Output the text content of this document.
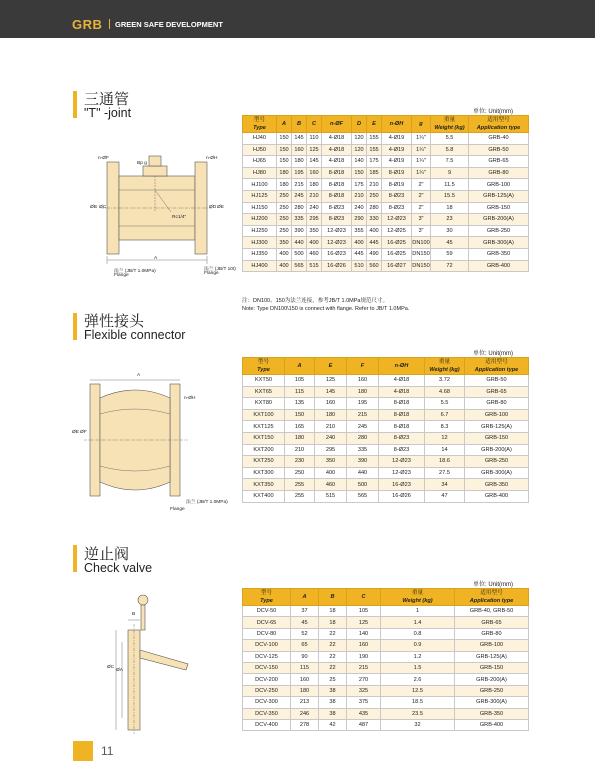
GRB GREEN SAFE DEVELOPMENT
三通管
"T" -joint
n-ØF	n-ØH
Bp g
Rc1/4"
ØB ØC	ØD ØE
A
法兰 (JB/T 1.0MPa)
Flange
法兰 (JB/T 10t)
Flange
单位: Unit(mm)
型号
Type	A	B	C	n-ØF	D	E	n-ØH	g	重量
Weight (kg)	适用型号
Application type

HJ40	150	145	110	4-Ø18	120	155	4-Ø19	1¼"	5.5	GRB-40
HJ50	150	160	125	4-Ø18	120	155	4-Ø19	1¼"	5.8	GRB-50
HJ65	150	180	145	4-Ø18	140	175	4-Ø19	1¼"	7.5	GRB-65
HJ80	180	195	160	8-Ø18	150	185	8-Ø19	1¼"	9	GRB-80
HJ100	180	215	180	8-Ø18	175	210	8-Ø19	2"	11.5	GRB-100
HJ125	250	245	210	8-Ø18	210	250	8-Ø23	2"	15.5	GRB-125(A)
HJ150	250	280	240	8-Ø23	240	280	8-Ø23	2"	18	GRB-150
HJ200	250	335	295	8-Ø23	290	330	12-Ø23	3"	23	GRB-200(A)
HJ250	250	390	350	12-Ø23	355	400	12-Ø25	3"	30	GRB-250
HJ300	350	440	400	12-Ø23	400	445	16-Ø25	DN100	45	GRB-300(A)
HJ350	400	500	460	16-Ø23	445	490	16-Ø25	DN150	59	GRB-350
HJ400	400	565	515	16-Ø26	510	560	16-Ø27	DN150	72	GRB-400
注：DN100、150为法兰连接，参考JB/T 1.0MPa规范尺寸。
Note: Type DN100\150 is connect with flange. Refer to JB/T 1.0MPa.
弹性接头
Flexible connector
A
n-ØH
ØE ØF
法兰 (JB/T 1.0MPa)
Flange
单位: Unit(mm)
型号
Type	A	E	F	n-ØH	重量
Weight (kg)	适用型号
Application type

KXT50	105	125	160	4-Ø18	3.72	GRB-50
KXT65	115	145	180	4-Ø18	4.68	GRB-65
KXT80	135	160	195	8-Ø18	5.5	GRB-80
KXT100	150	180	215	8-Ø18	6.7	GRB-100
KXT125	165	210	245	8-Ø18	8.3	GRB-125(A)
KXT150	180	240	280	8-Ø23	12	GRB-150
KXT200	210	295	335	8-Ø23	14	GRB-200(A)
KXT250	230	350	390	12-Ø23	18.6	GRB-250
KXT300	250	400	440	12-Ø23	27.5	GRB-300(A)
KXT350	255	460	500	16-Ø23	34	GRB-350
KXT400	255	515	565	16-Ø26	47	GRB-400
逆止阀
Check valve
B
ØC
ØA
单位: Unit(mm)
型号
Type	A	B	C	重量
Weight (kg)	适用型号
Application type

DCV-50	37	18	105	1	GRB-40, GRB-50
DCV-65	45	18	125	1.4	GRB-65
DCV-80	52	22	140	0.8	GRB-80
DCV-100	65	22	160	0.9	GRB-100
DCV-125	90	22	190	1.2	GRB-125(A)
DCV-150	115	22	215	1.5	GRB-150
DCV-200	160	25	270	2.6	GRB-200(A)
DCV-250	180	38	325	12.5	GRB-250
DCV-300	213	38	375	18.5	GRB-300(A)
DCV-350	246	38	435	23.5	GRB-350
DCV-400	278	42	487	32	GRB-400
11
